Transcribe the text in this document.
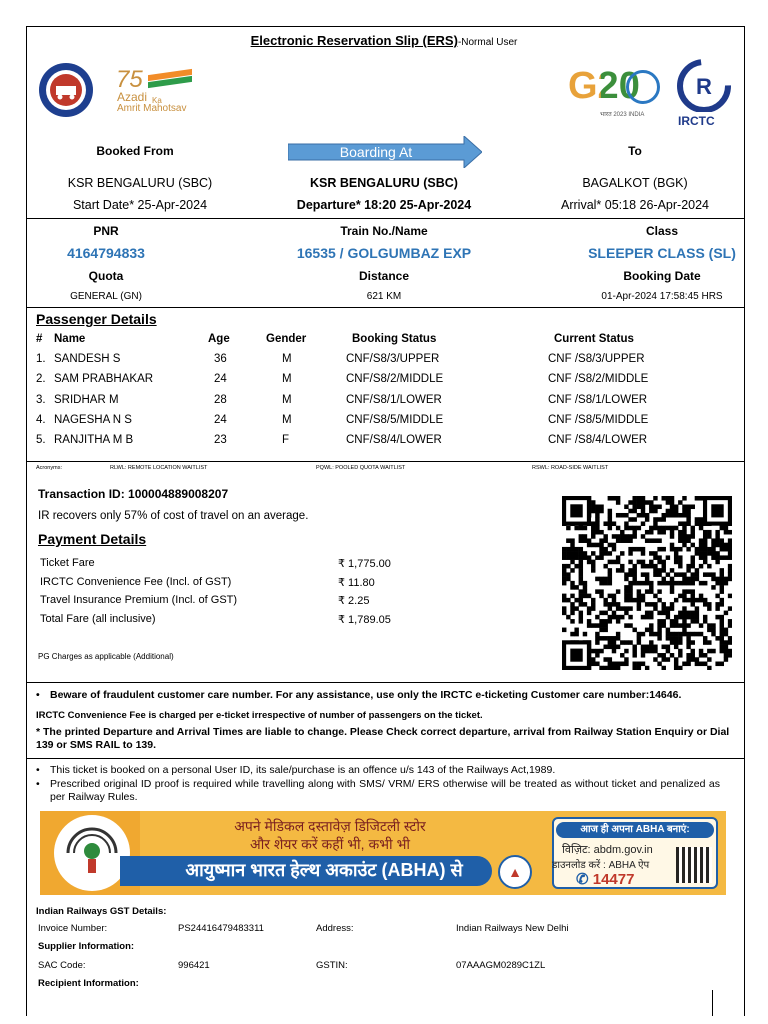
Electronic Reservation Slip (ERS)-Normal User
75
Azadi Ka
Amrit Mahotsav
G20
भारत 2023 INDIA
R
IRCTC
Booked From	Boarding At	To
KSR BENGALURU (SBC)	KSR BENGALURU (SBC)	BAGALKOT (BGK)
Start Date* 25-Apr-2024	Departure* 18:20 25-Apr-2024	Arrival* 05:18 26-Apr-2024
PNR	Train No./Name	Class
4164794833	16535 / GOLGUMBAZ EXP	SLEEPER CLASS (SL)
Quota	Distance	Booking Date
GENERAL (GN)	621 KM	01-Apr-2024 17:58:45 HRS
Passenger Details
# Name	Age	Gender	Booking Status	Current Status
1. SANDESH S	36	M	CNF/S8/3/UPPER	CNF /S8/3/UPPER
2. SAM PRABHAKAR	24	M	CNF/S8/2/MIDDLE	CNF /S8/2/MIDDLE
3. SRIDHAR M	28	M	CNF/S8/1/LOWER	CNF /S8/1/LOWER
4. NAGESHA N S	24	M	CNF/S8/5/MIDDLE	CNF /S8/5/MIDDLE
5. RANJITHA M B	23	F	CNF/S8/4/LOWER	CNF /S8/4/LOWER
Acronyms:	RLWL: REMOTE LOCATION WAITLIST	PQWL: POOLED QUOTA WAITLIST	RSWL: ROAD-SIDE WAITLIST
Transaction ID: 100004889008207
IR recovers only 57% of cost of travel on an average.
Payment Details
Ticket Fare	₹ 1,775.00
IRCTC Convenience Fee (Incl. of GST)	₹ 11.80
Travel Insurance Premium (Incl. of GST)	₹ 2.25
Total Fare (all inclusive)	₹ 1,789.05
PG Charges as applicable (Additional)
• Beware of fraudulent customer care number. For any assistance, use only the IRCTC e-ticketing Customer care number:14646.
IRCTC Convenience Fee is charged per e-ticket irrespective of number of passengers on the ticket.
* The printed Departure and Arrival Times are liable to change. Please Check correct departure, arrival from Railway Station Enquiry or Dial 139 or SMS RAIL to 139.
• This ticket is booked on a personal User ID, its sale/purchase is an offence u/s 143 of the Railways Act,1989.
• Prescribed original ID proof is required while travelling along with SMS/ VRM/ ERS otherwise will be treated as without ticket and penalized as per Railway Rules.
अपने मेडिकल दस्तावेज़ डिजिटली स्टोर
और शेयर करें कहीं भी, कभी भी
आयुष्मान भारत हेल्थ अकाउंट (ABHA) से	▲
आज ही अपना ABHA बनाएं:
विज़िट: abdm.gov.in
डाउनलोड करें : ABHA ऐप
✆ 14477
Indian Railways GST Details:
Invoice Number:	PS24416479483311	Address:	Indian Railways New Delhi
Supplier Information:
SAC Code:	996421	GSTIN:	07AAAGM0289C1ZL
Recipient Information:
